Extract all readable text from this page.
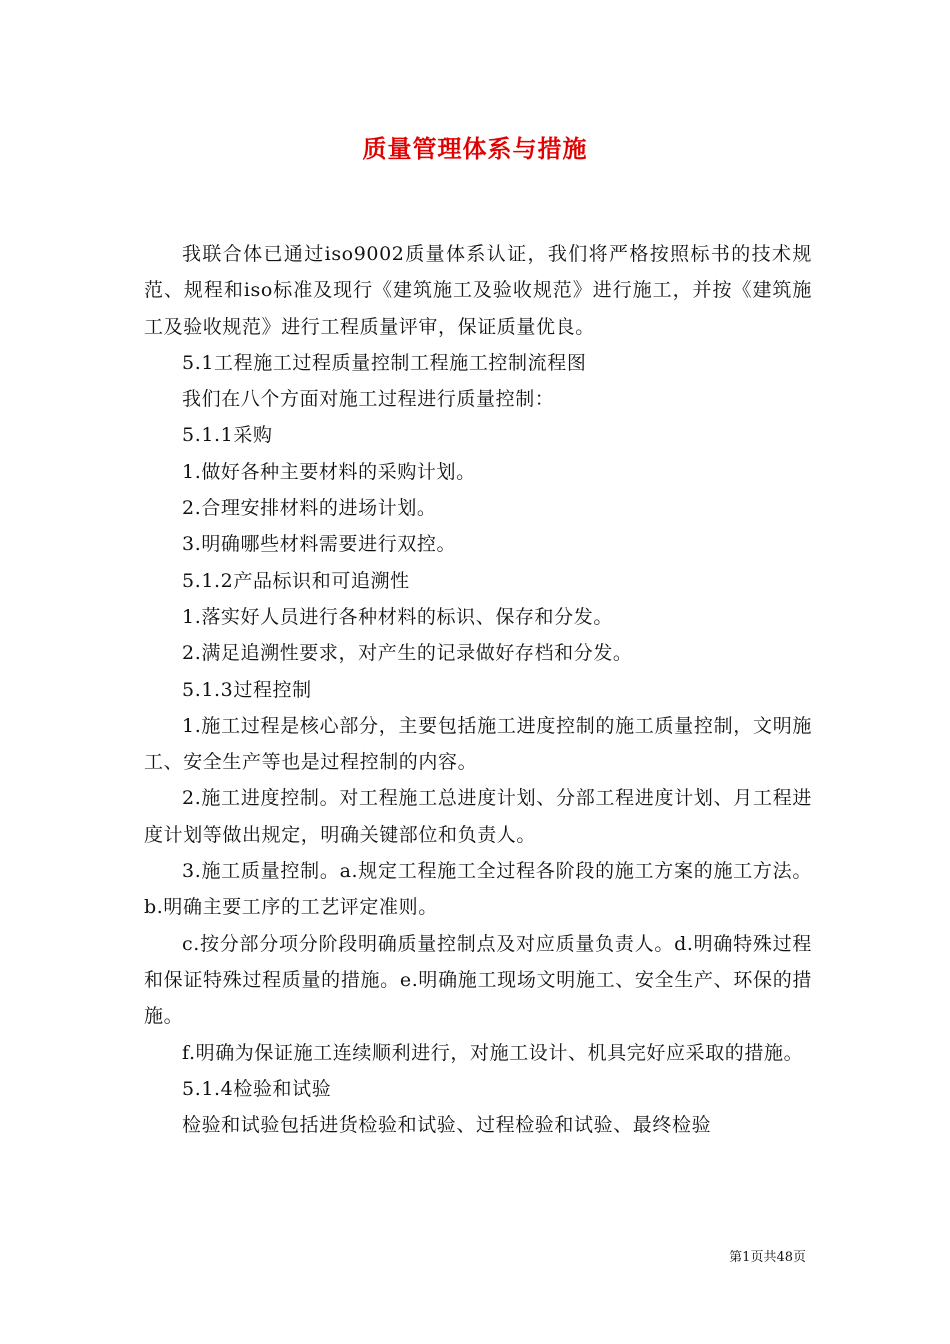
质量管理体系与措施

我联合体已通过iso9002质量体系认证，我们将严格按照标书的技术规范、规程和iso标准及现行《建筑施工及验收规范》进行施工，并按《建筑施工及验收规范》进行工程质量评审，保证质量优良。

5.1工程施工过程质量控制工程施工控制流程图

我们在八个方面对施工过程进行质量控制：

5.1.1采购

1.做好各种主要材料的采购计划。

2.合理安排材料的进场计划。

3.明确哪些材料需要进行双控。

5.1.2产品标识和可追溯性

1.落实好人员进行各种材料的标识、保存和分发。

2.满足追溯性要求，对产生的记录做好存档和分发。

5.1.3过程控制

1.施工过程是核心部分，主要包括施工进度控制的施工质量控制，文明施工、安全生产等也是过程控制的内容。

2.施工进度控制。对工程施工总进度计划、分部工程进度计划、月工程进度计划等做出规定，明确关键部位和负责人。

3.施工质量控制。a.规定工程施工全过程各阶段的施工方案的施工方法。b.明确主要工序的工艺评定准则。

c.按分部分项分阶段明确质量控制点及对应质量负责人。d.明确特殊过程和保证特殊过程质量的措施。e.明确施工现场文明施工、安全生产、环保的措施。

f.明确为保证施工连续顺利进行，对施工设计、机具完好应采取的措施。

5.1.4检验和试验

检验和试验包括进货检验和试验、过程检验和试验、最终检验

第1页共48页
